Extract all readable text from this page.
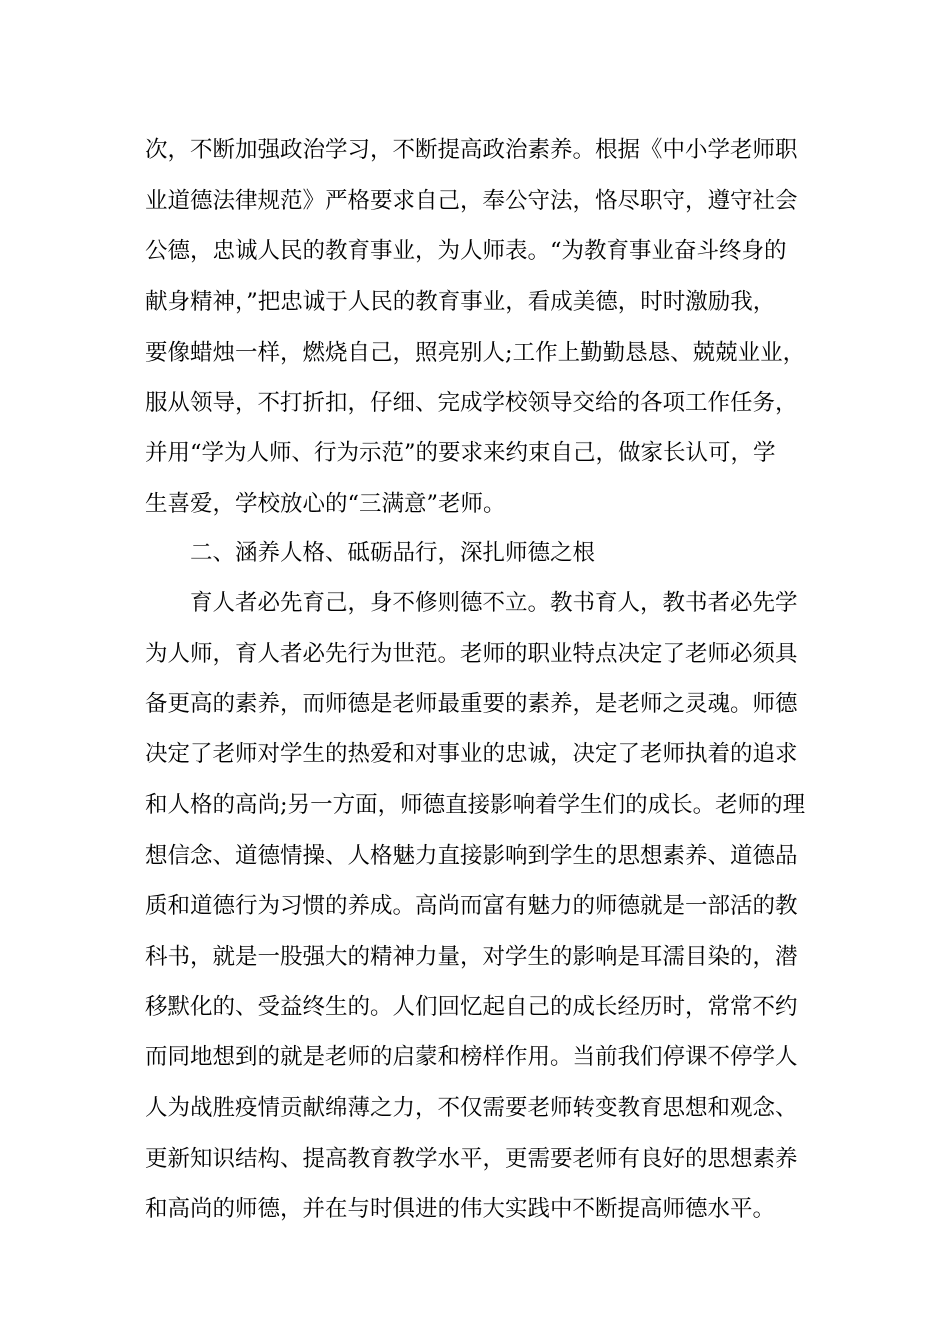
次，不断加强政治学习，不断提高政治素养。根据《中小学老师职
业道德法律规范》严格要求自己，奉公守法，恪尽职守，遵守社会
公德，忠诚人民的教育事业，为人师表。“为教育事业奋斗终身的
献身精神，”把忠诚于人民的教育事业，看成美德，时时激励我，
要像蜡烛一样，燃烧自己，照亮别人;工作上勤勤恳恳、兢兢业业，
服从领导，不打折扣，仔细、完成学校领导交给的各项工作任务，
并用“学为人师、行为示范”的要求来约束自己，做家长认可，学
生喜爱，学校放心的“三满意”老师。
二、涵养人格、砥砺品行，深扎师德之根
育人者必先育己，身不修则德不立。教书育人，教书者必先学
为人师，育人者必先行为世范。老师的职业特点决定了老师必须具
备更高的素养，而师德是老师最重要的素养，是老师之灵魂。师德
决定了老师对学生的热爱和对事业的忠诚，决定了老师执着的追求
和人格的高尚;另一方面，师德直接影响着学生们的成长。老师的理
想信念、道德情操、人格魅力直接影响到学生的思想素养、道德品
质和道德行为习惯的养成。高尚而富有魅力的师德就是一部活的教
科书，就是一股强大的精神力量，对学生的影响是耳濡目染的，潜
移默化的、受益终生的。人们回忆起自己的成长经历时，常常不约
而同地想到的就是老师的启蒙和榜样作用。当前我们停课不停学人
人为战胜疫情贡献绵薄之力，不仅需要老师转变教育思想和观念、
更新知识结构、提高教育教学水平，更需要老师有良好的思想素养
和高尚的师德，并在与时俱进的伟大实践中不断提高师德水平。
